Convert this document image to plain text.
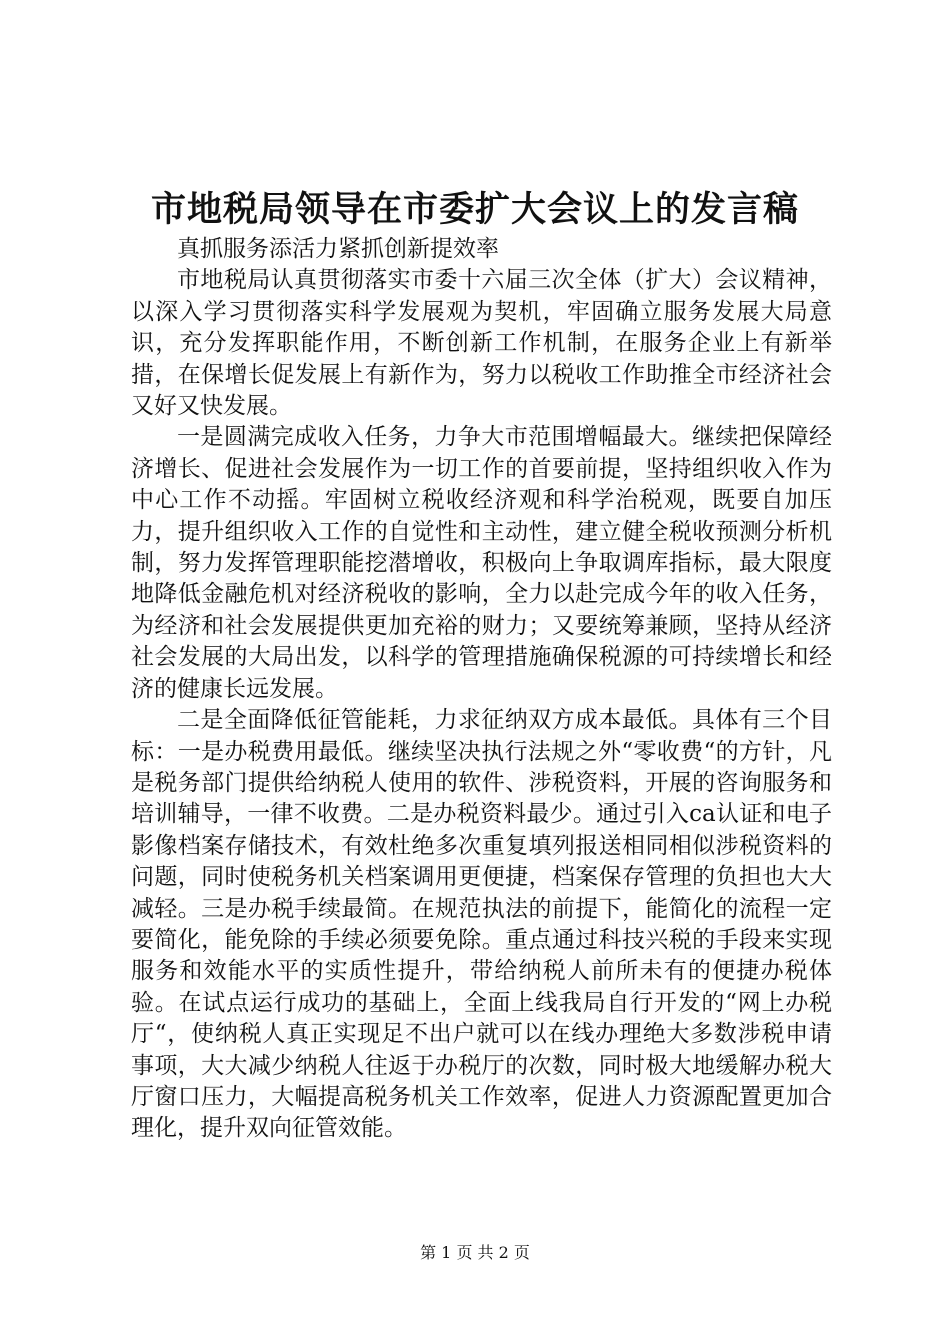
市地税局领导在市委扩大会议上的发言稿

真抓服务添活力紧抓创新提效率

市地税局认真贯彻落实市委十六届三次全体（扩大）会议精神，以深入学习贯彻落实科学发展观为契机，牢固确立服务发展大局意识，充分发挥职能作用，不断创新工作机制，在服务企业上有新举措，在保增长促发展上有新作为，努力以税收工作助推全市经济社会又好又快发展。

一是圆满完成收入任务，力争大市范围增幅最大。继续把保障经济增长、促进社会发展作为一切工作的首要前提，坚持组织收入作为中心工作不动摇。牢固树立税收经济观和科学治税观，既要自加压力，提升组织收入工作的自觉性和主动性，建立健全税收预测分析机制，努力发挥管理职能挖潜增收，积极向上争取调库指标，最大限度地降低金融危机对经济税收的影响，全力以赴完成今年的收入任务，为经济和社会发展提供更加充裕的财力；又要统筹兼顾，坚持从经济社会发展的大局出发，以科学的管理措施确保税源的可持续增长和经济的健康长远发展。

二是全面降低征管能耗，力求征纳双方成本最低。具体有三个目标：一是办税费用最低。继续坚决执行法规之外“零收费“的方针，凡是税务部门提供给纳税人使用的软件、涉税资料，开展的咨询服务和培训辅导，一律不收费。二是办税资料最少。通过引入ca认证和电子影像档案存储技术，有效杜绝多次重复填列报送相同相似涉税资料的问题，同时使税务机关档案调用更便捷，档案保存管理的负担也大大减轻。三是办税手续最简。在规范执法的前提下，能简化的流程一定要简化，能免除的手续必须要免除。重点通过科技兴税的手段来实现服务和效能水平的实质性提升，带给纳税人前所未有的便捷办税体验。在试点运行成功的基础上，全面上线我局自行开发的“网上办税厅“，使纳税人真正实现足不出户就可以在线办理绝大多数涉税申请事项，大大减少纳税人往返于办税厅的次数，同时极大地缓解办税大厅窗口压力，大幅提高税务机关工作效率，促进人力资源配置更加合理化，提升双向征管效能。

第 1 页 共 2 页
